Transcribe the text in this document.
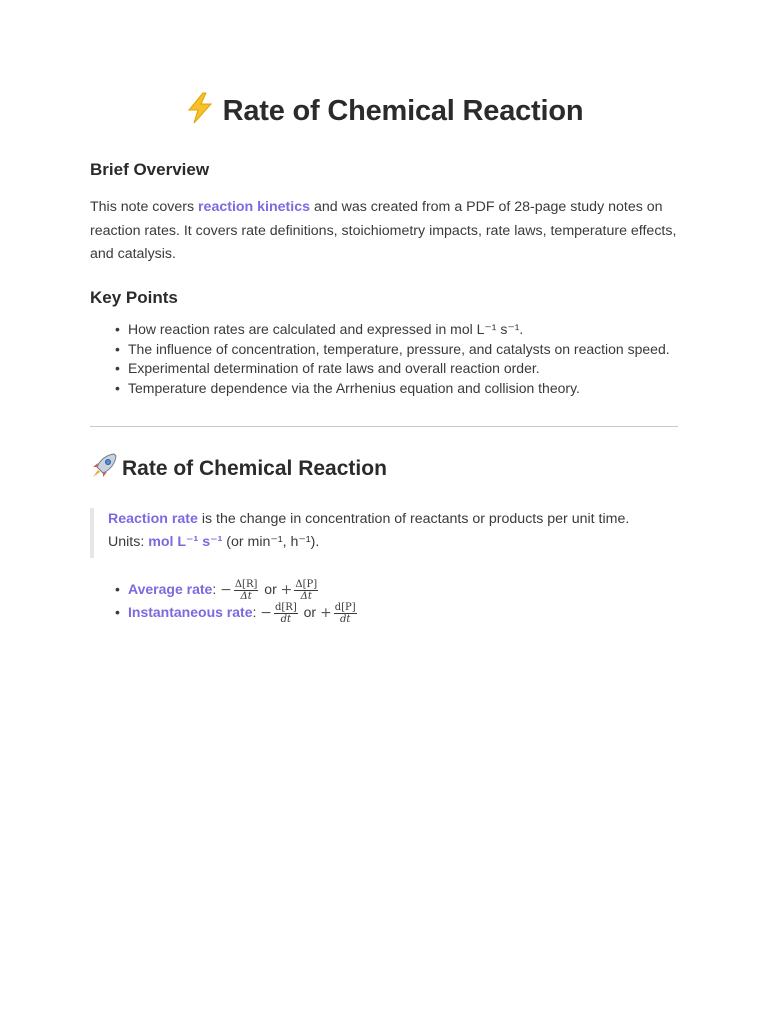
Rate of Chemical Reaction
Brief Overview

This note covers reaction kinetics and was created from a PDF of 28-page study notes on reaction rates. It covers rate definitions, stoichiometry impacts, rate laws, temperature effects, and catalysis.

Key Points
• How reaction rates are calculated and expressed in mol L⁻¹ s⁻¹.
• The influence of concentration, temperature, pressure, and catalysts on reaction speed.
• Experimental determination of rate laws and overall reaction order.
• Temperature dependence via the Arrhenius equation and collision theory.
Rate of Chemical Reaction
Reaction rate is the change in concentration of reactants or products per unit time.
Units: mol L⁻¹ s⁻¹ (or min⁻¹, h⁻¹).
• Average rate: − $\frac{\Delta[R]}{\Delta t}$ or + $\frac{\Delta[P]}{\Delta t}$
• Instantaneous rate: − $\frac{d[R]}{dt}$ or + $\frac{d[P]}{dt}$
